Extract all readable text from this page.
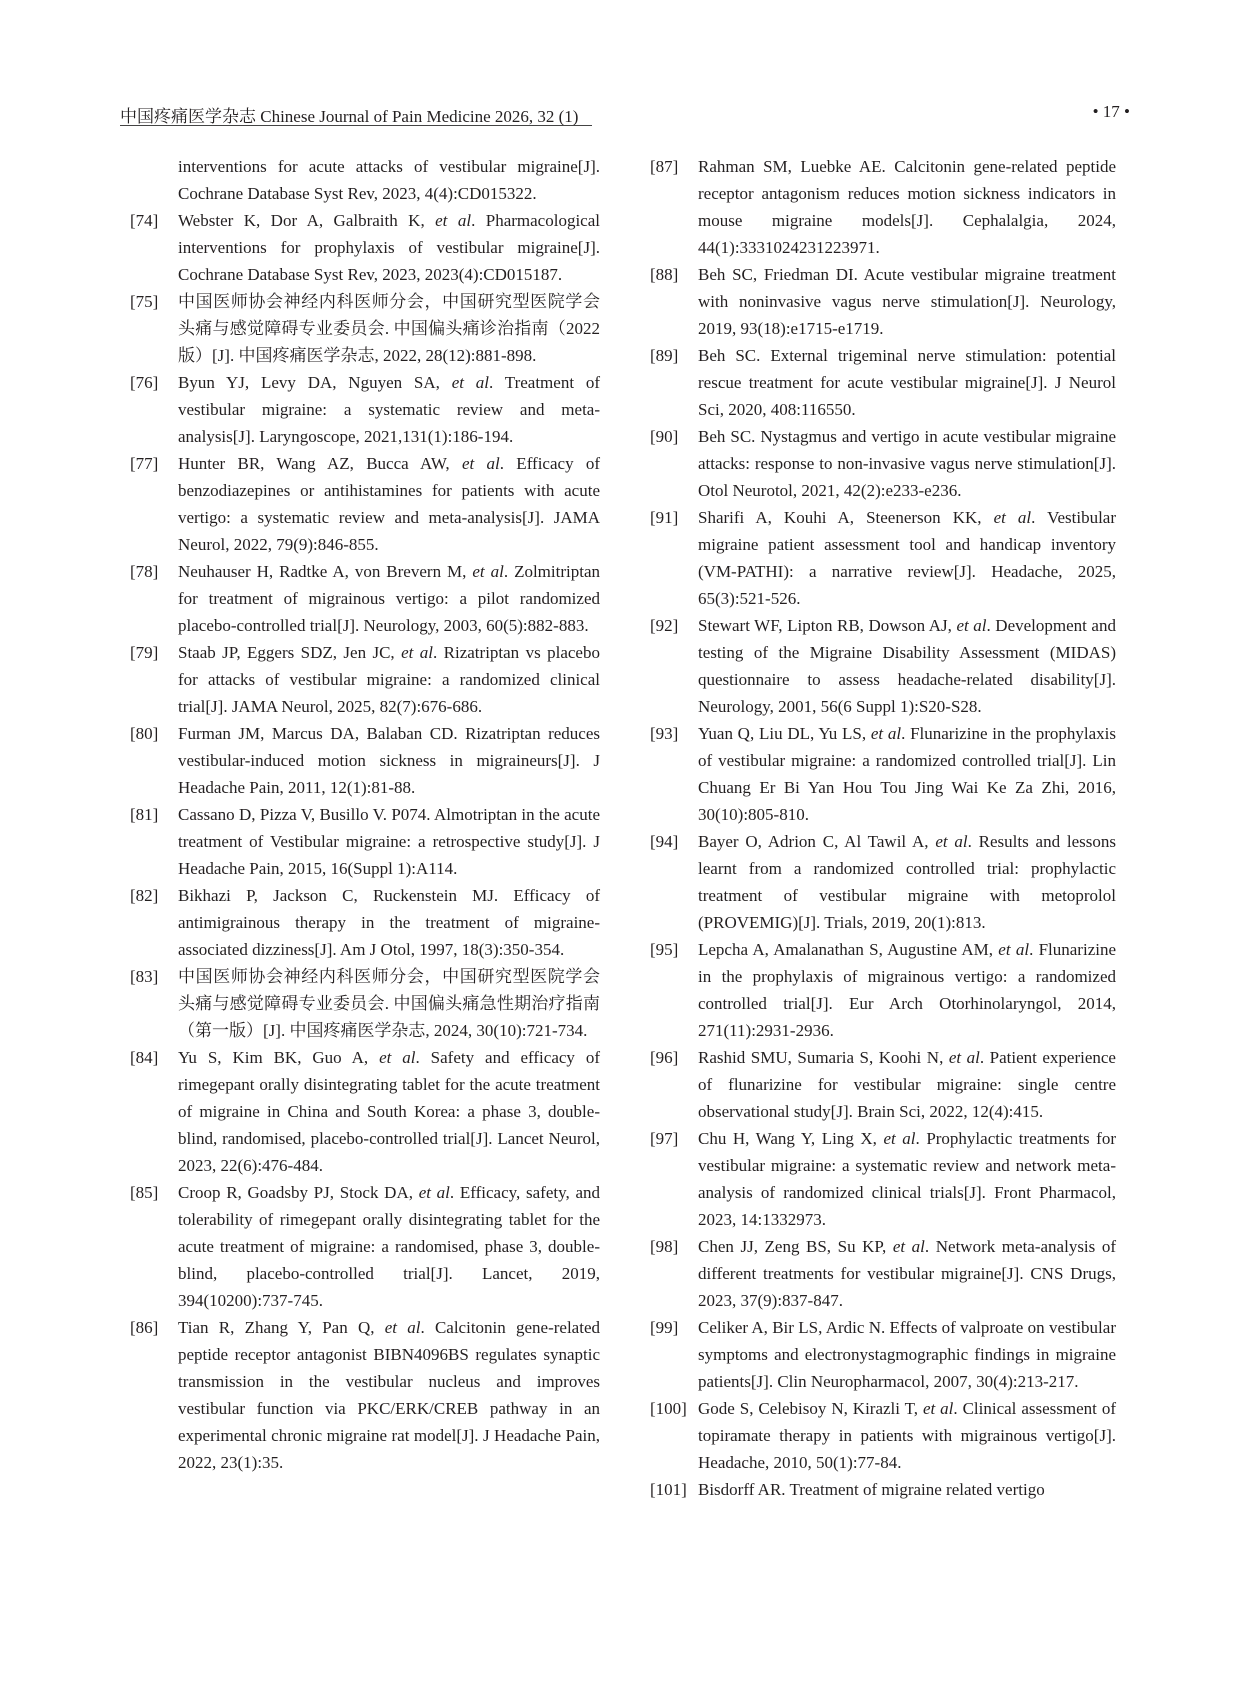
中国疼痛医学杂志 Chinese Journal of Pain Medicine 2026, 32 (1)	• 17 •

interventions for acute attacks of vestibular migraine[J]. Cochrane Database Syst Rev, 2023, 4(4):CD015322.

[74] Webster K, Dor A, Galbraith K, et al. Pharmacological interventions for prophylaxis of vestibular migraine[J]. Cochrane Database Syst Rev, 2023, 2023(4):CD015187.

[75] 中国医师协会神经内科医师分会，中国研究型医院学会头痛与感觉障碍专业委员会. 中国偏头痛诊治指南（2022版）[J]. 中国疼痛医学杂志, 2022, 28(12):881-898.

[76] Byun YJ, Levy DA, Nguyen SA, et al. Treatment of vestibular migraine: a systematic review and meta-analysis[J]. Laryngoscope, 2021,131(1):186-194.

[77] Hunter BR, Wang AZ, Bucca AW, et al. Efficacy of benzodiazepines or antihistamines for patients with acute vertigo: a systematic review and meta-analysis[J]. JAMA Neurol, 2022, 79(9):846-855.

[78] Neuhauser H, Radtke A, von Brevern M, et al. Zolmitriptan for treatment of migrainous vertigo: a pilot randomized placebo-controlled trial[J]. Neurology, 2003, 60(5):882-883.

[79] Staab JP, Eggers SDZ, Jen JC, et al. Rizatriptan vs placebo for attacks of vestibular migraine: a randomized clinical trial[J]. JAMA Neurol, 2025, 82(7):676-686.

[80] Furman JM, Marcus DA, Balaban CD. Rizatriptan reduces vestibular-induced motion sickness in migraineurs[J]. J Headache Pain, 2011, 12(1):81-88.

[81] Cassano D, Pizza V, Busillo V. P074. Almotriptan in the acute treatment of Vestibular migraine: a retrospective study[J]. J Headache Pain, 2015, 16(Suppl 1):A114.

[82] Bikhazi P, Jackson C, Ruckenstein MJ. Efficacy of antimigrainous therapy in the treatment of migraine-associated dizziness[J]. Am J Otol, 1997, 18(3):350-354.

[83] 中国医师协会神经内科医师分会，中国研究型医院学会头痛与感觉障碍专业委员会. 中国偏头痛急性期治疗指南（第一版）[J]. 中国疼痛医学杂志, 2024, 30(10):721-734.

[84] Yu S, Kim BK, Guo A, et al. Safety and efficacy of rimegepant orally disintegrating tablet for the acute treatment of migraine in China and South Korea: a phase 3, double-blind, randomised, placebo-controlled trial[J]. Lancet Neurol, 2023, 22(6):476-484.

[85] Croop R, Goadsby PJ, Stock DA, et al. Efficacy, safety, and tolerability of rimegepant orally disintegrating tablet for the acute treatment of migraine: a randomised, phase 3, double-blind, placebo-controlled trial[J]. Lancet, 2019, 394(10200):737-745.

[86] Tian R, Zhang Y, Pan Q, et al. Calcitonin gene-related peptide receptor antagonist BIBN4096BS regulates synaptic transmission in the vestibular nucleus and improves vestibular function via PKC/ERK/CREB pathway in an experimental chronic migraine rat model[J]. J Headache Pain, 2022, 23(1):35.

[87] Rahman SM, Luebke AE. Calcitonin gene-related peptide receptor antagonism reduces motion sickness indicators in mouse migraine models[J]. Cephalalgia, 2024, 44(1):3331024231223971.

[88] Beh SC, Friedman DI. Acute vestibular migraine treatment with noninvasive vagus nerve stimulation[J]. Neurology, 2019, 93(18):e1715-e1719.

[89] Beh SC. External trigeminal nerve stimulation: potential rescue treatment for acute vestibular migraine[J]. J Neurol Sci, 2020, 408:116550.

[90] Beh SC. Nystagmus and vertigo in acute vestibular migraine attacks: response to non-invasive vagus nerve stimulation[J]. Otol Neurotol, 2021, 42(2):e233-e236.

[91] Sharifi A, Kouhi A, Steenerson KK, et al. Vestibular migraine patient assessment tool and handicap inventory (VM-PATHI): a narrative review[J]. Headache, 2025, 65(3):521-526.

[92] Stewart WF, Lipton RB, Dowson AJ, et al. Development and testing of the Migraine Disability Assessment (MIDAS) questionnaire to assess headache-related disability[J]. Neurology, 2001, 56(6 Suppl 1):S20-S28.

[93] Yuan Q, Liu DL, Yu LS, et al. Flunarizine in the prophylaxis of vestibular migraine: a randomized controlled trial[J]. Lin Chuang Er Bi Yan Hou Tou Jing Wai Ke Za Zhi, 2016, 30(10):805-810.

[94] Bayer O, Adrion C, Al Tawil A, et al. Results and lessons learnt from a randomized controlled trial: prophylactic treatment of vestibular migraine with metoprolol (PROVEMIG)[J]. Trials, 2019, 20(1):813.

[95] Lepcha A, Amalanathan S, Augustine AM, et al. Flunarizine in the prophylaxis of migrainous vertigo: a randomized controlled trial[J]. Eur Arch Otorhinolaryngol, 2014, 271(11):2931-2936.

[96] Rashid SMU, Sumaria S, Koohi N, et al. Patient experience of flunarizine for vestibular migraine: single centre observational study[J]. Brain Sci, 2022, 12(4):415.

[97] Chu H, Wang Y, Ling X, et al. Prophylactic treatments for vestibular migraine: a systematic review and network meta-analysis of randomized clinical trials[J]. Front Pharmacol, 2023, 14:1332973.

[98] Chen JJ, Zeng BS, Su KP, et al. Network meta-analysis of different treatments for vestibular migraine[J]. CNS Drugs, 2023, 37(9):837-847.

[99] Celiker A, Bir LS, Ardic N. Effects of valproate on vestibular symptoms and electronystagmographic findings in migraine patients[J]. Clin Neuropharmacol, 2007, 30(4):213-217.

[100] Gode S, Celebisoy N, Kirazli T, et al. Clinical assessment of topiramate therapy in patients with migrainous vertigo[J]. Headache, 2010, 50(1):77-84.

[101] Bisdorff AR. Treatment of migraine related vertigo
